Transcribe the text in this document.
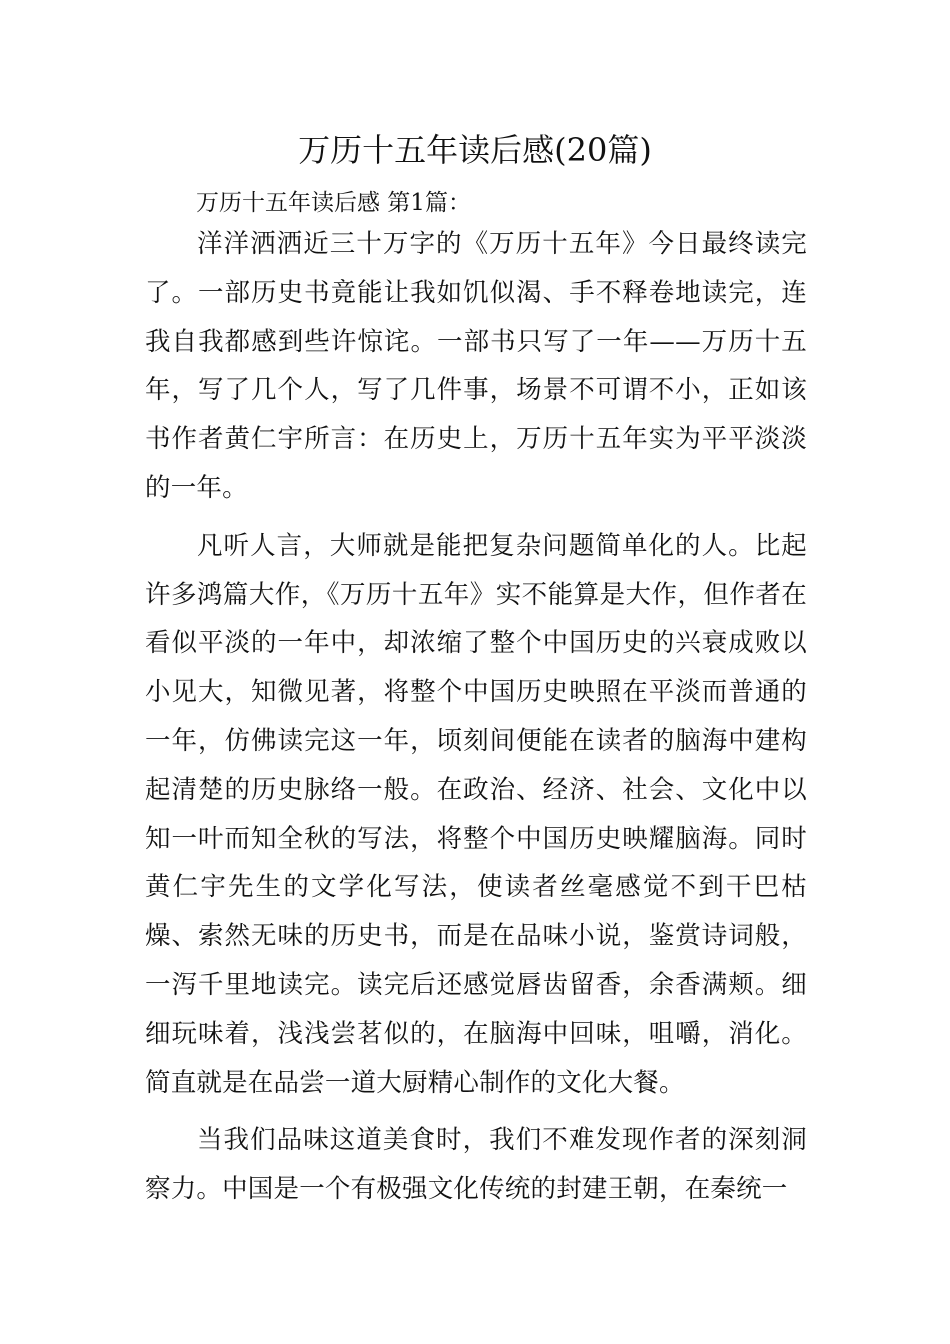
万历十五年读后感(20篇)

万历十五年读后感 第1篇：

洋洋洒洒近三十万字的《万历十五年》今日最终读完了。一部历史书竟能让我如饥似渴、手不释卷地读完，连我自我都感到些许惊诧。一部书只写了一年——万历十五年，写了几个人，写了几件事，场景不可谓不小，正如该书作者黄仁宇所言：在历史上，万历十五年实为平平淡淡的一年。

凡听人言，大师就是能把复杂问题简单化的人。比起许多鸿篇大作，《万历十五年》实不能算是大作，但作者在看似平淡的一年中，却浓缩了整个中国历史的兴衰成败以小见大，知微见著，将整个中国历史映照在平淡而普通的一年，仿佛读完这一年，顷刻间便能在读者的脑海中建构起清楚的历史脉络一般。在政治、经济、社会、文化中以知一叶而知全秋的写法，将整个中国历史映耀脑海。同时黄仁宇先生的文学化写法，使读者丝毫感觉不到干巴枯燥、索然无味的历史书，而是在品味小说，鉴赏诗词般，一泻千里地读完。读完后还感觉唇齿留香，余香满颊。细细玩味着，浅浅尝茗似的，在脑海中回味，咀嚼，消化。简直就是在品尝一道大厨精心制作的文化大餐。

当我们品味这道美食时，我们不难发现作者的深刻洞察力。中国是一个有极强文化传统的封建王朝，在秦统一
